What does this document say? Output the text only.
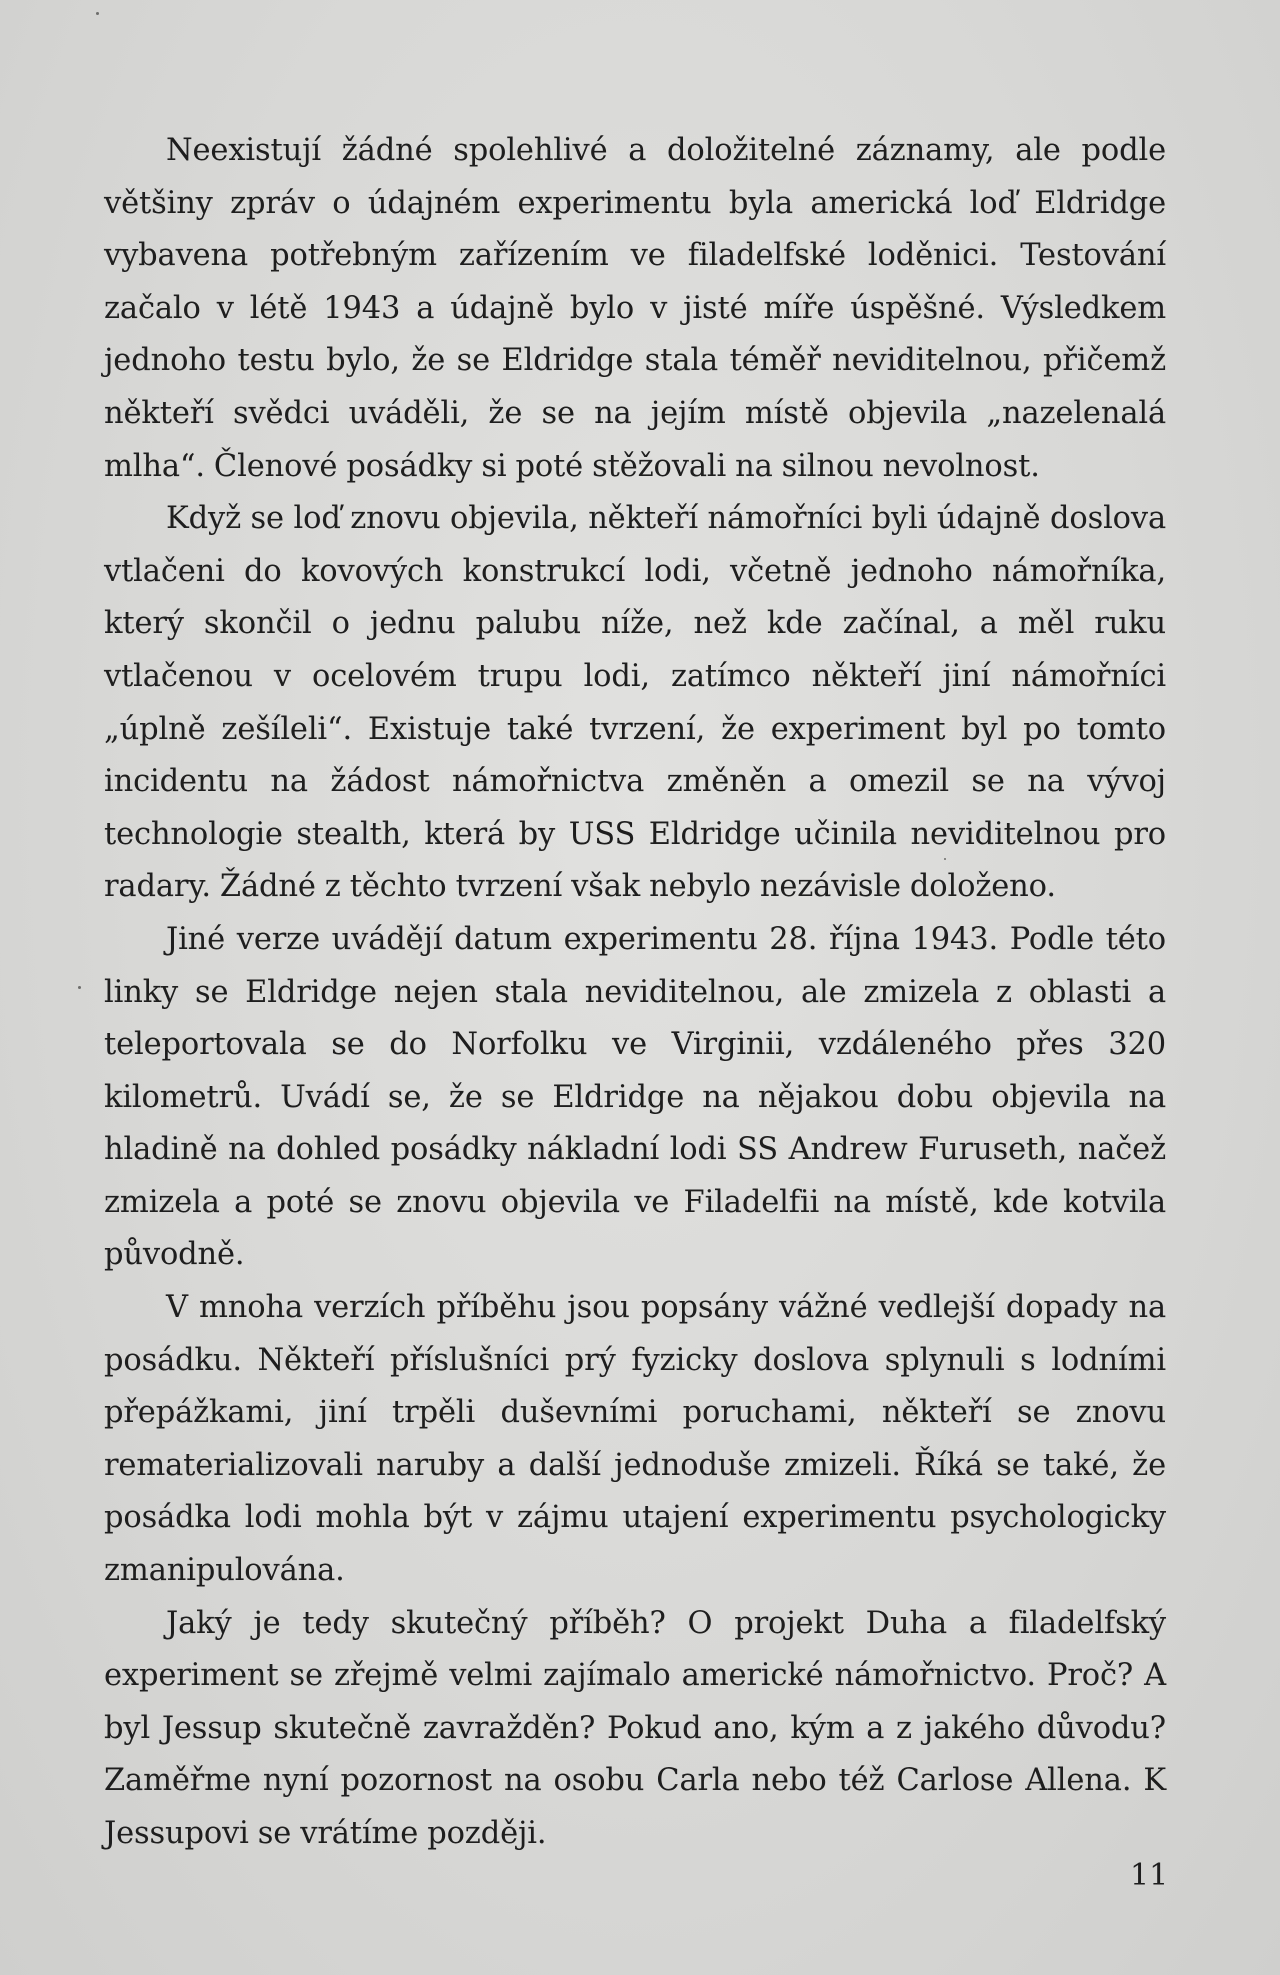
Neexistují žádné spolehlivé a doložitelné záznamy, ale podle většiny zpráv o údajném experimentu byla americká loď Eldridge vybavena potřebným zařízením ve filadelfské loděnici. Testování začalo v létě 1943 a údajně bylo v jisté míře úspěšné. Výsledkem jednoho testu bylo, že se Eldridge stala téměř neviditelnou, přičemž někteří svědci uváděli, že se na jejím místě objevila „nazelenalá mlha“. Členové posádky si poté stěžovali na silnou nevolnost.

Když se loď znovu objevila, někteří námořníci byli údajně doslova vtlačeni do kovových konstrukcí lodi, včetně jednoho námořníka, který skončil o jednu palubu níže, než kde začínal, a měl ruku vtlačenou v ocelovém trupu lodi, zatímco někteří jiní námořníci „úplně zešíleli“. Existuje také tvrzení, že experiment byl po tomto incidentu na žádost námořnictva změněn a omezil se na vývoj technologie stealth, která by USS Eldridge učinila neviditelnou pro radary. Žádné z těchto tvrzení však nebylo nezávisle doloženo.

Jiné verze uvádějí datum experimentu 28. října 1943. Podle této linky se Eldridge nejen stala neviditelnou, ale zmizela z oblasti a teleportovala se do Norfolku ve Virginii, vzdáleného přes 320 kilometrů. Uvádí se, že se Eldridge na nějakou dobu objevila na hladině na dohled posádky nákladní lodi SS Andrew Furuseth, načež zmizela a poté se znovu objevila ve Filadelfii na místě, kde kotvila původně.

V mnoha verzích příběhu jsou popsány vážné vedlejší dopady na posádku. Někteří příslušníci prý fyzicky doslova splynuli s lodními přepážkami, jiní trpěli duševními poruchami, někteří se znovu rematerializovali naruby a další jednoduše zmizeli. Říká se také, že posádka lodi mohla být v zájmu utajení experimentu psychologicky zmanipulována.

Jaký je tedy skutečný příběh? O projekt Duha a filadelfský experiment se zřejmě velmi zajímalo americké námořnictvo. Proč? A byl Jessup skutečně zavražděn? Pokud ano, kým a z jakého důvodu? Zaměřme nyní pozornost na osobu Carla nebo též Carlose Allena. K Jessupovi se vrátíme později.

11
